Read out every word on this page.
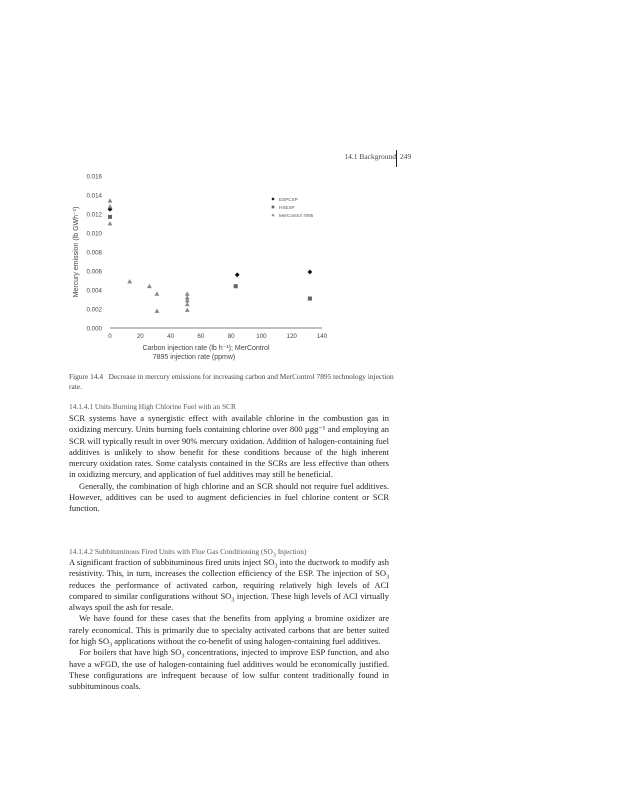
14.1 Background 249
0.000
0.002
0.004
0.006
0.008
0.010
0.012
0.014
0.016
0	20	40	60	80	100	120	140
Mercury emission (lb GWh⁻¹)
Carbon injection rate (lb h⁻¹); MerControl
7895 injection rate (ppmw)
ESPCSP
HSESP
MerControl 7895
Figure 14.4 Decrease in mercury emissions for increasing carbon and MerControl 7895 technology injection rate.
14.1.4.1 Units Burning High Chlorine Fuel with an SCR

SCR systems have a synergistic effect with available chlorine in the combustion gas in oxidizing mercury. Units burning fuels containing chlorine over 800 µgg⁻¹ and employing an SCR will typically result in over 90% mercury oxidation. Addition of halogen-containing fuel additives is unlikely to show benefit for these conditions because of the high inherent mercury oxidation rates. Some catalysts contained in the SCRs are less effective than others in oxidizing mercury, and application of fuel additives may still be beneficial.

Generally, the combination of high chlorine and an SCR should not require fuel additives. However, additives can be used to augment deficiencies in fuel chlorine content or SCR function.

14.1.4.2 Subbituminous Fired Units with Flue Gas Conditioning ($SO_3$ Injection)

A significant fraction of subbituminous fired units inject $SO_3$ into the ductwork to modify ash resistivity. This, in turn, increases the collection efficiency of the ESP. The injection of $SO_3$ reduces the performance of activated carbon, requiring relatively high levels of ACI compared to similar configurations without $SO_3$ injection. These high levels of ACI virtually always spoil the ash for resale.

We have found for these cases that the benefits from applying a bromine oxidizer are rarely economical. This is primarily due to specialty activated carbons that are better suited for high $SO_3$ applications without the co-benefit of using halogen-containing fuel additives.

For boilers that have high $SO_3$ concentrations, injected to improve ESP function, and also have a wFGD, the use of halogen-containing fuel additives would be economically justified. These configurations are infrequent because of low sulfur content traditionally found in subbituminous coals.
